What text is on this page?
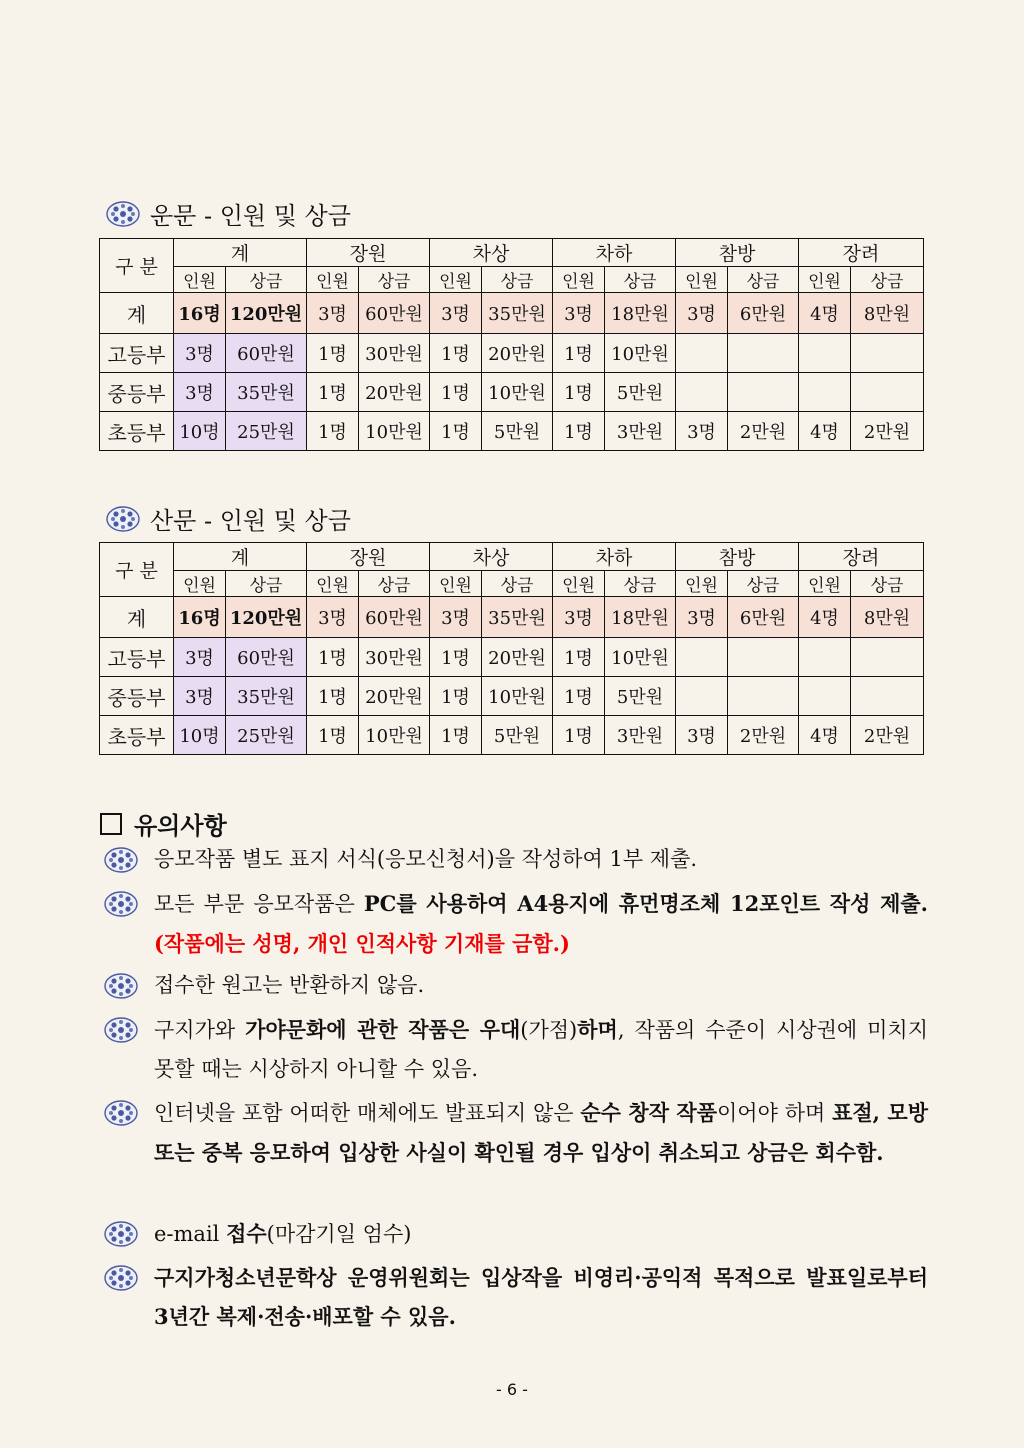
운문 - 인원 및 상금
구 분	계		장원		차상		차하		참방		장려	
	인원	상금	인원	상금	인원	상금	인원	상금	인원	상금	인원	상금
계	16명	120만원	3명	60만원	3명	35만원	3명	18만원	3명	6만원	4명	8만원
고등부	3명	60만원	1명	30만원	1명	20만원	1명	10만원				
중등부	3명	35만원	1명	20만원	1명	10만원	1명	5만원				
초등부	10명	25만원	1명	10만원	1명	5만원	1명	3만원	3명	2만원	4명	2만원
산문 - 인원 및 상금
구 분	계		장원		차상		차하		참방		장려	
	인원	상금	인원	상금	인원	상금	인원	상금	인원	상금	인원	상금
계	16명	120만원	3명	60만원	3명	35만원	3명	18만원	3명	6만원	4명	8만원
고등부	3명	60만원	1명	30만원	1명	20만원	1명	10만원				
중등부	3명	35만원	1명	20만원	1명	10만원	1명	5만원				
초등부	10명	25만원	1명	10만원	1명	5만원	1명	3만원	3명	2만원	4명	2만원
유의사항
응모작품 별도 표지 서식(응모신청서)을 작성하여 1부 제출.
모든 부문 응모작품은 PC를 사용하여 A4용지에 휴먼명조체 12포인트 작성 제출. (작품에는 성명, 개인 인적사항 기재를 금함.)
접수한 원고는 반환하지 않음.
구지가와 가야문화에 관한 작품은 우대(가점)하며, 작품의 수준이 시상권에 미치지 못할 때는 시상하지 아니할 수 있음.
인터넷을 포함 어떠한 매체에도 발표되지 않은 순수 창작 작품이어야 하며 표절, 모방 또는 중복 응모하여 입상한 사실이 확인될 경우 입상이 취소되고 상금은 회수함.
e-mail 접수(마감기일 엄수)
구지가청소년문학상 운영위원회는 입상작을 비영리·공익적 목적으로 발표일로부터 3년간 복제·전송·배포할 수 있음.
- 6 -
